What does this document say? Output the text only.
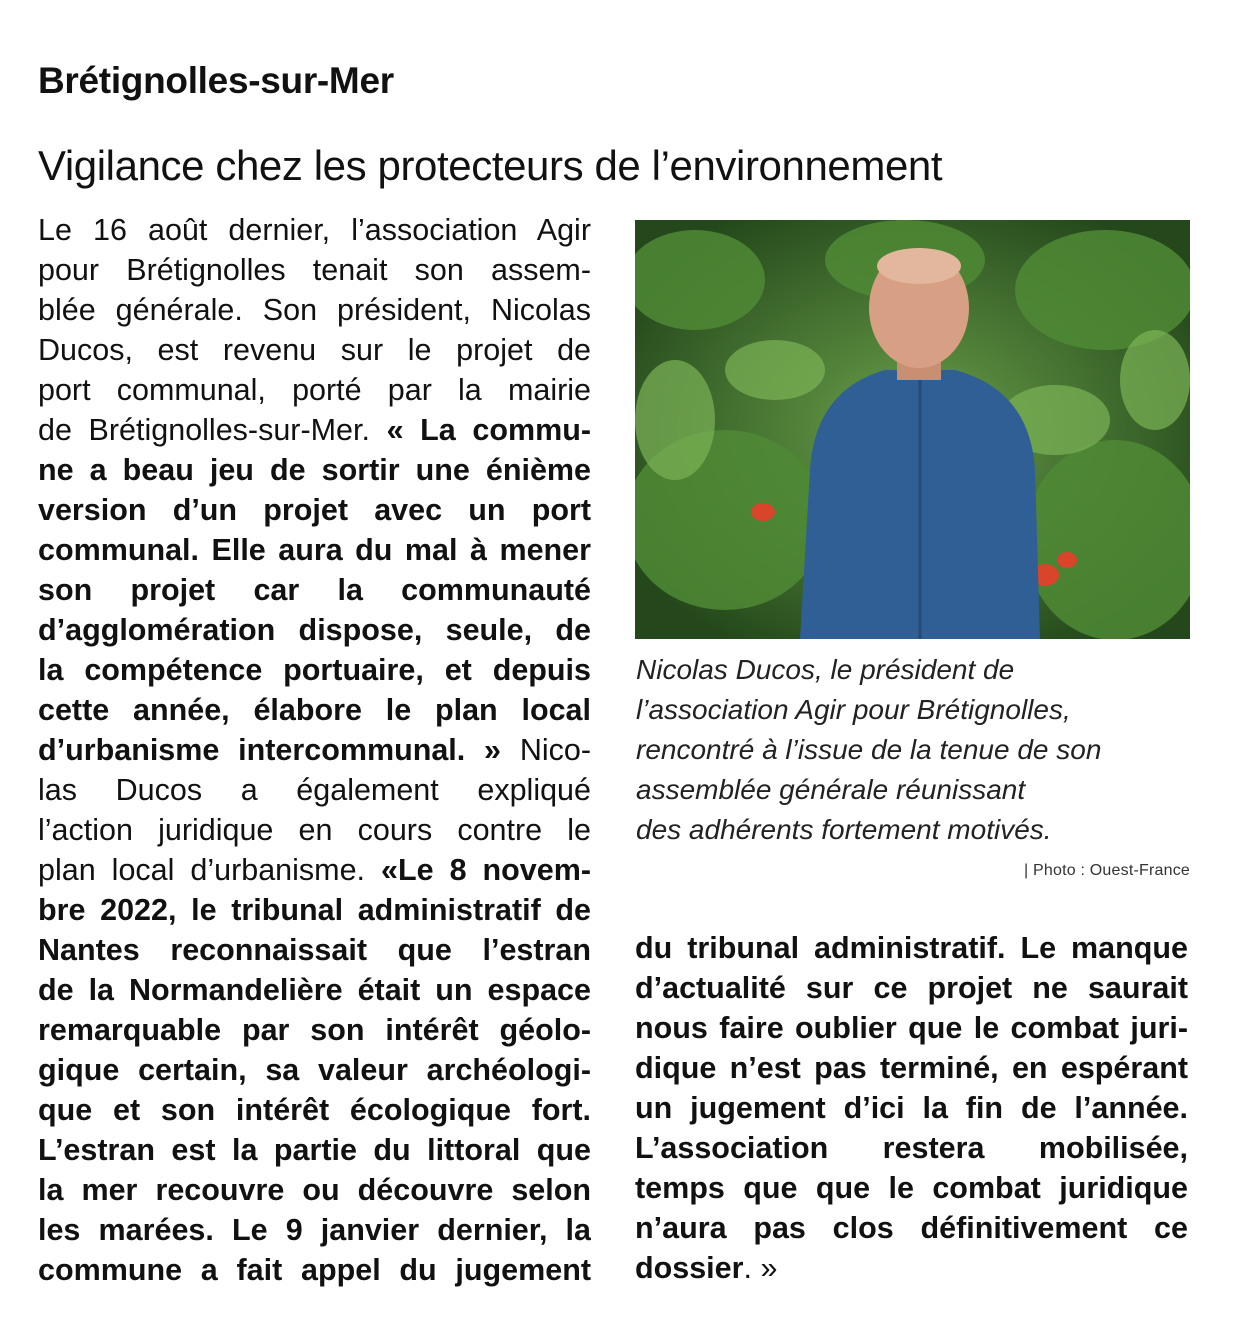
Brétignolles-sur-Mer
Vigilance chez les protecteurs de l’environnement
Le 16 août dernier, l’association Agir
pour Brétignolles tenait son assem-
blée générale. Son président, Nicolas
Ducos, est revenu sur le projet de
port communal, porté par la mairie
de Brétignolles-sur-Mer. « La commu-
ne a beau jeu de sortir une énième
version d’un projet avec un port
communal. Elle aura du mal à mener
son projet car la communauté
d’agglomération dispose, seule, de
la compétence portuaire, et depuis
cette année, élabore le plan local
d’urbanisme intercommunal. » Nico-
las Ducos a également expliqué
l’action juridique en cours contre le
plan local d’urbanisme. «Le 8 novem-
bre 2022, le tribunal administratif de
Nantes reconnaissait que l’estran
de la Normandelière était un espace
remarquable par son intérêt géolo-
gique certain, sa valeur archéologi-
que et son intérêt écologique fort.
L’estran est la partie du littoral que
la mer recouvre ou découvre selon
les marées. Le 9 janvier dernier, la
commune a fait appel du jugement
Nicolas Ducos, le président de
l’association Agir pour Brétignolles,
rencontré à l’issue de la tenue de son
assemblée générale réunissant
des adhérents fortement motivés.
| Photo : Ouest-France
du tribunal administratif. Le manque
d’actualité sur ce projet ne saurait
nous faire oublier que le combat juri-
dique n’est pas terminé, en espérant
un jugement d’ici la fin de l’année.
L’association restera mobilisée,
temps que que le combat juridique
n’aura pas clos définitivement ce
dossier. »
